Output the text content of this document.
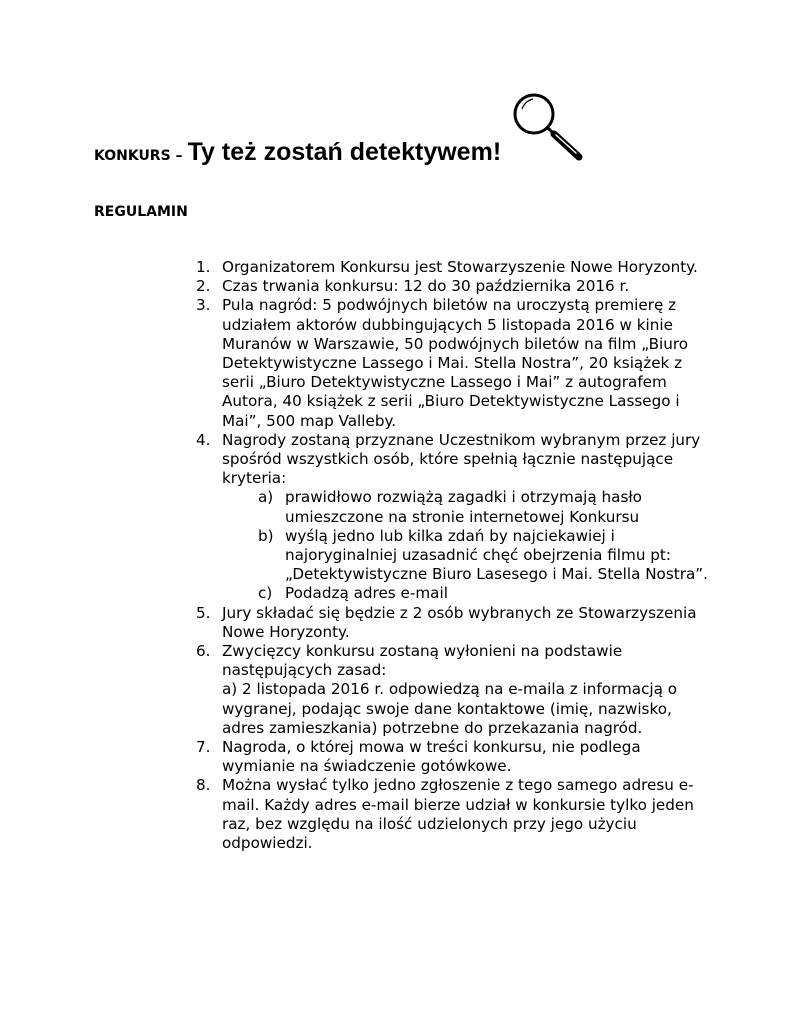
KONKURS – Ty też zostań detektywem!
REGULAMIN
1. Organizatorem Konkursu jest Stowarzyszenie Nowe Horyzonty.
2. Czas trwania konkursu: 12 do 30 października 2016 r.
3. Pula nagród: 5 podwójnych biletów na uroczystą premierę z udziałem aktorów dubbingujących 5 listopada 2016 w kinie Muranów w Warszawie, 50 podwójnych biletów na film „Biuro Detektywistyczne Lassego i Mai. Stella Nostra”, 20 książek z serii „Biuro Detektywistyczne Lassego i Mai” z autografem Autora, 40 książek z serii „Biuro Detektywistyczne Lassego i Mai”, 500 map Valleby.
4. Nagrody zostaną przyznane Uczestnikom wybranym przez jury spośród wszystkich osób, które spełnią łącznie następujące kryteria:
a) prawidłowo rozwiążą zagadki i otrzymają hasło umieszczone na stronie internetowej Konkursu
b) wyślą jedno lub kilka zdań by najciekawiej i najoryginalniej uzasadnić chęć obejrzenia filmu pt: „Detektywistyczne Biuro Lasesego i Mai. Stella Nostra”.
c) Podadzą adres e-mail
5. Jury składać się będzie z 2 osób wybranych ze Stowarzyszenia Nowe Horyzonty.
6. Zwycięzcy konkursu zostaną wyłonieni na podstawie następujących zasad:
a) 2 listopada 2016 r. odpowiedzą na e-maila z informacją o wygranej, podając swoje dane kontaktowe (imię, nazwisko, adres zamieszkania) potrzebne do przekazania nagród.
7. Nagroda, o której mowa w treści konkursu, nie podlega wymianie na świadczenie gotówkowe.
8. Można wysłać tylko jedno zgłoszenie z tego samego adresu e-mail. Każdy adres e-mail bierze udział w konkursie tylko jeden raz, bez względu na ilość udzielonych przy jego użyciu odpowiedzi.
